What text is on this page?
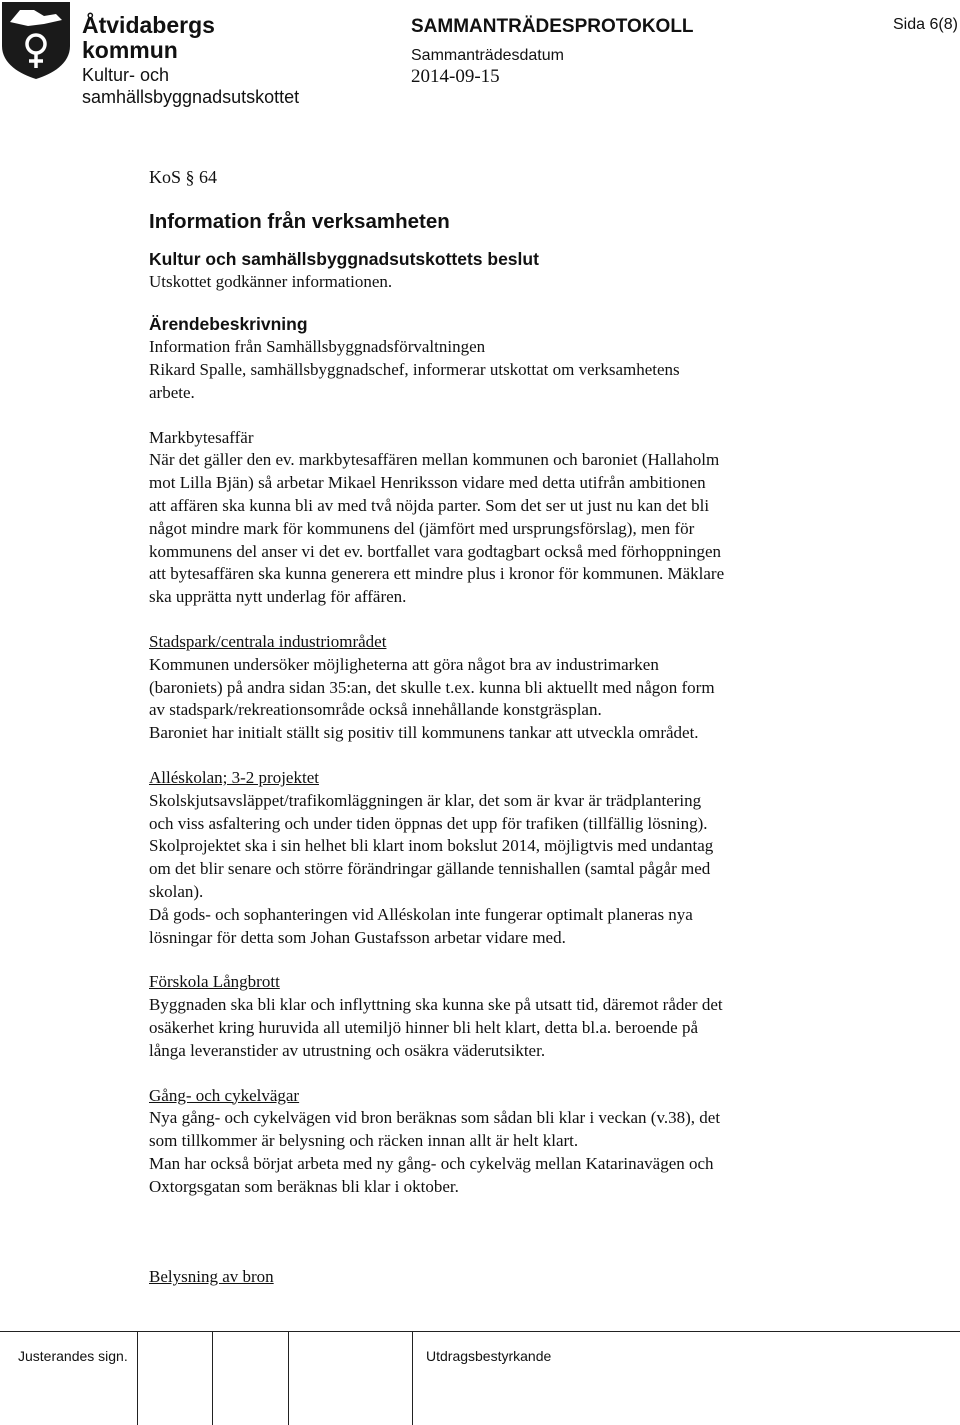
Åtvidabergs
kommun
Kultur- och
samhällsbyggnadsutskottet
SAMMANTRÄDESPROTOKOLL
Sammanträdesdatum
2014-09-15
Sida 6(8)

KoS § 64

Information från verksamheten

Kultur och samhällsbyggnadsutskottets beslut

Utskottet godkänner informationen.

Ärendebeskrivning

Information från Samhällsbyggnadsförvaltningen

Rikard Spalle, samhällsbyggnadschef, informerar utskottat om verksamhetens

arbete.

Markbytesaffär

När det gäller den ev. markbytesaffären mellan kommunen och baroniet (Hallaholm

mot Lilla Bjän) så arbetar Mikael Henriksson vidare med detta utifrån ambitionen

att affären ska kunna bli av med två nöjda parter. Som det ser ut just nu kan det bli

något mindre mark för kommunens del (jämfört med ursprungsförslag), men för

kommunens del anser vi det ev. bortfallet vara godtagbart också med förhoppningen

att bytesaffären ska kunna generera ett mindre plus i kronor för kommunen. Mäklare

ska upprätta nytt underlag för affären.

Stadspark/centrala industriområdet

Kommunen undersöker möjligheterna att göra något bra av industrimarken

(baroniets) på andra sidan 35:an, det skulle t.ex. kunna bli aktuellt med någon form

av stadspark/rekreationsområde också innehållande konstgräsplan.

Baroniet har initialt ställt sig positiv till kommunens tankar att utveckla området.

Alléskolan; 3-2 projektet

Skolskjutsavsläppet/trafikomläggningen är klar, det som är kvar är trädplantering

och viss asfaltering och under tiden öppnas det upp för trafiken (tillfällig lösning).

Skolprojektet ska i sin helhet bli klart inom bokslut 2014, möjligtvis med undantag

om det blir senare och större förändringar gällande tennishallen (samtal pågår med

skolan).

Då gods- och sophanteringen vid Alléskolan inte fungerar optimalt planeras nya

lösningar för detta som Johan Gustafsson arbetar vidare med.

Förskola Långbrott

Byggnaden ska bli klar och inflyttning ska kunna ske på utsatt tid, däremot råder det

osäkerhet kring huruvida all utemiljö hinner bli helt klart, detta bl.a. beroende på

långa leveranstider av utrustning och osäkra väderutsikter.

Gång- och cykelvägar

Nya gång- och cykelvägen vid bron beräknas som sådan bli klar i veckan (v.38), det

som tillkommer är belysning och räcken innan allt är helt klart.

Man har också börjat arbeta med ny gång- och cykelväg mellan Katarinavägen och

Oxtorgsgatan som beräknas bli klar i oktober.

Belysning av bron

Justerandes sign.	Utdragsbestyrkande
